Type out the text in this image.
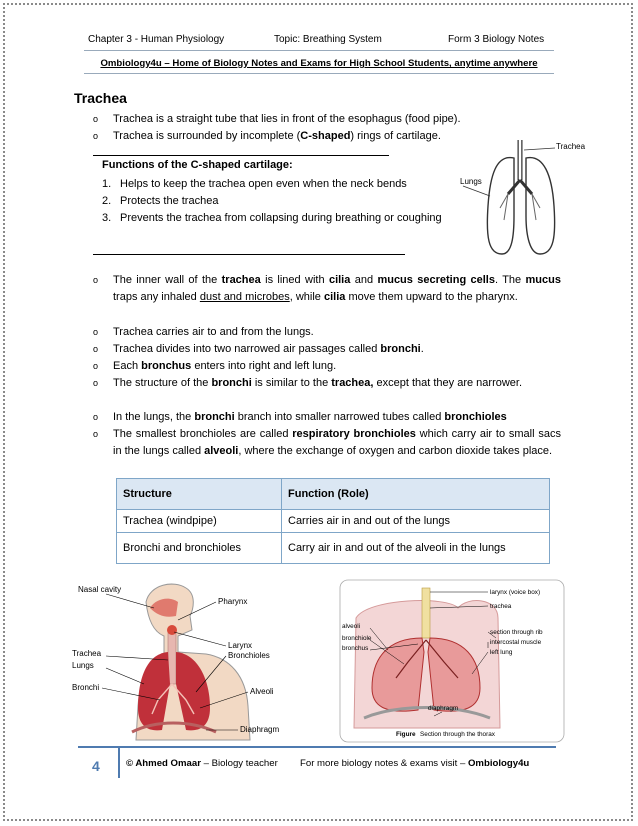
Chapter 3 - Human Physiology	Topic: Breathing System	Form 3 Biology Notes
Ombiology4u – Home of Biology Notes and Exams for High School Students, anytime anywhere
Trachea
o Trachea is a straight tube that lies in front of the esophagus (food pipe).
o Trachea is surrounded by incomplete (C-shaped) rings of cartilage.
Functions of the C-shaped cartilage:
1. Helps to keep the trachea open even when the neck bends
2. Protects the trachea
3. Prevents the trachea from collapsing during breathing or coughing
Lungs
Trachea
o The inner wall of the trachea is lined with cilia and mucus secreting cells. The mucus traps any inhaled dust and microbes, while cilia move them upward to the pharynx.
o Trachea carries air to and from the lungs.
o Trachea divides into two narrowed air passages called bronchi.
o Each bronchus enters into right and left lung.
o The structure of the bronchi is similar to the trachea, except that they are narrower.
o In the lungs, the bronchi branch into smaller narrowed tubes called bronchioles
o The smallest bronchioles are called respiratory bronchioles which carry air to small sacs in the lungs called alveoli, where the exchange of oxygen and carbon dioxide takes place.
Structure	Function (Role)
Trachea (windpipe)	Carries air in and out of the lungs
Bronchi and bronchioles	Carry air in and out of the alveoli in the lungs
Nasal cavity
Pharynx
Larynx
Bronchioles
Trachea
Lungs
Bronchi	Alveoli
Diaphragm
larynx (voice box)
trachea
alveoli
bronchiole
bronchus
section through rib
intercostal muscle
left lung
diaphragm
Figure Section through the thorax
4	© Ahmed Omaar – Biology teacher For more biology notes & exams visit – Ombiology4u
